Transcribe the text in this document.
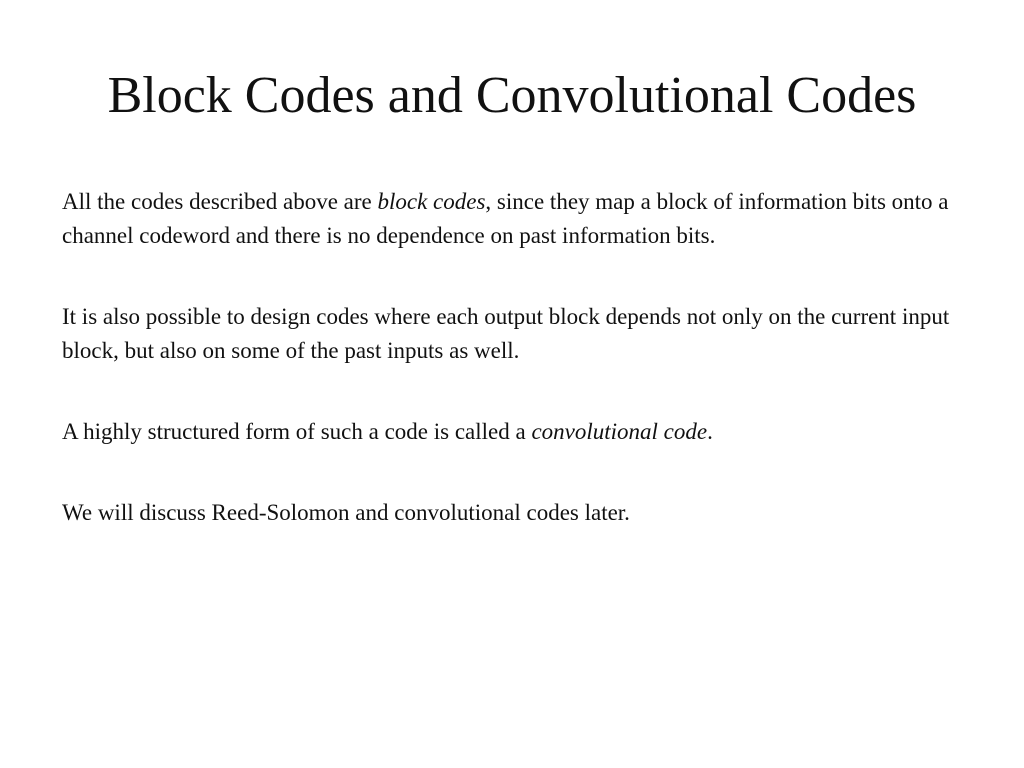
Block Codes and Convolutional Codes

All the codes described above are block codes, since they map a block of information bits onto a channel codeword and there is no dependence on past information bits.

It is also possible to design codes where each output block depends not only on the current input block, but also on some of the past inputs as well.

A highly structured form of such a code is called a convolutional code.

We will discuss Reed-Solomon and convolutional codes later.
